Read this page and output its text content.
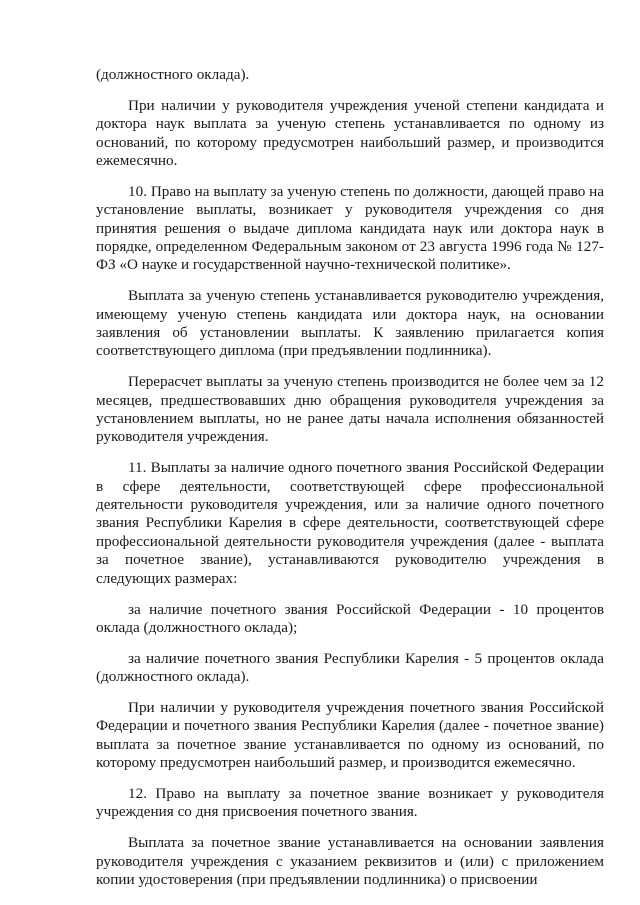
(должностного оклада).

При наличии у руководителя учреждения ученой степени кандидата и доктора наук выплата за ученую степень устанавливается по одному из оснований, по которому предусмотрен наибольший размер, и производится ежемесячно.

10. Право на выплату за ученую степень по должности, дающей право на установление выплаты, возникает у руководителя учреждения со дня принятия решения о выдаче диплома кандидата наук или доктора наук в порядке, определенном Федеральным законом от 23 августа 1996 года № 127-ФЗ «О науке и государственной научно-технической политике».

Выплата за ученую степень устанавливается руководителю учреждения, имеющему ученую степень кандидата или доктора наук, на основании заявления об установлении выплаты. К заявлению прилагается копия соответствующего диплома (при предъявлении подлинника).

Перерасчет выплаты за ученую степень производится не более чем за 12 месяцев, предшествовавших дню обращения руководителя учреждения за установлением выплаты, но не ранее даты начала исполнения обязанностей руководителя учреждения.

11. Выплаты за наличие одного почетного звания Российской Федерации в сфере деятельности, соответствующей сфере профессиональной деятельности руководителя учреждения, или за наличие одного почетного звания Республики Карелия в сфере деятельности, соответствующей сфере профессиональной деятельности руководителя учреждения (далее - выплата за почетное звание), устанавливаются руководителю учреждения в следующих размерах:

за наличие почетного звания Российской Федерации - 10 процентов оклада (должностного оклада);

за наличие почетного звания Республики Карелия - 5 процентов оклада (должностного оклада).

При наличии у руководителя учреждения почетного звания Российской Федерации и почетного звания Республики Карелия (далее - почетное звание) выплата за почетное звание устанавливается по одному из оснований, по которому предусмотрен наибольший размер, и производится ежемесячно.

12. Право на выплату за почетное звание возникает у руководителя учреждения со дня присвоения почетного звания.

Выплата за почетное звание устанавливается на основании заявления руководителя учреждения с указанием реквизитов и (или) с приложением копии удостоверения (при предъявлении подлинника) о присвоении
